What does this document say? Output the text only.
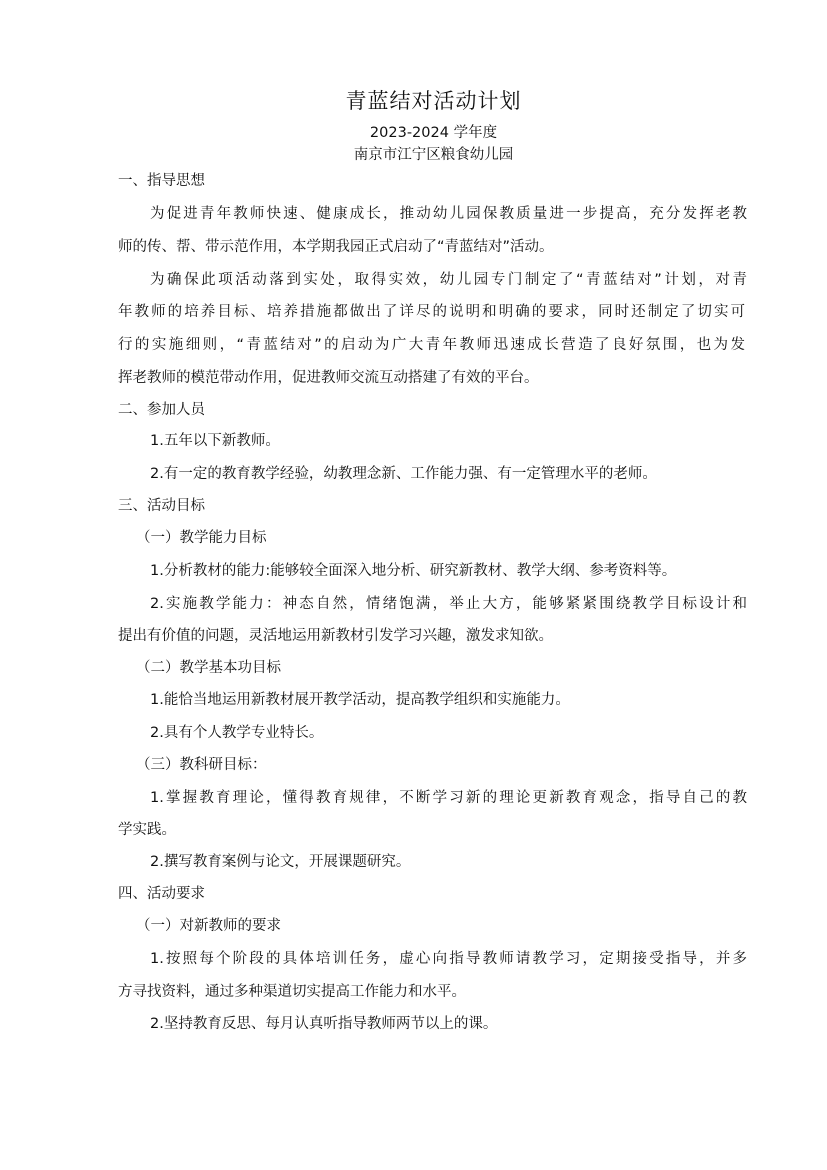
青蓝结对活动计划
2023-2024 学年度
南京市江宁区粮食幼儿园
一、指导思想
为促进青年教师快速、健康成长，推动幼儿园保教质量进一步提高，充分发挥老教
师的传、帮、带示范作用，本学期我园正式启动了“青蓝结对”活动。
为确保此项活动落到实处，取得实效，幼儿园专门制定了“青蓝结对”计划，对青
年教师的培养目标、培养措施都做出了详尽的说明和明确的要求，同时还制定了切实可
行的实施细则，“青蓝结对”的启动为广大青年教师迅速成长营造了良好氛围，也为发
挥老教师的模范带动作用，促进教师交流互动搭建了有效的平台。
二、参加人员
1.五年以下新教师。
2.有一定的教育教学经验，幼教理念新、工作能力强、有一定管理水平的老师。
三、活动目标
（一）教学能力目标
1.分析教材的能力:能够较全面深入地分析、研究新教材、教学大纲、参考资料等。
2.实施教学能力：神态自然，情绪饱满，举止大方，能够紧紧围绕教学目标设计和
提出有价值的问题，灵活地运用新教材引发学习兴趣，激发求知欲。
（二）教学基本功目标
1.能恰当地运用新教材展开教学活动，提高教学组织和实施能力。
2.具有个人教学专业特长。
（三）教科研目标：
1.掌握教育理论，懂得教育规律，不断学习新的理论更新教育观念，指导自己的教
学实践。
2.撰写教育案例与论文，开展课题研究。
四、活动要求
（一）对新教师的要求
1.按照每个阶段的具体培训任务，虚心向指导教师请教学习，定期接受指导，并多
方寻找资料，通过多种渠道切实提高工作能力和水平。
2.坚持教育反思、每月认真听指导教师两节以上的课。
